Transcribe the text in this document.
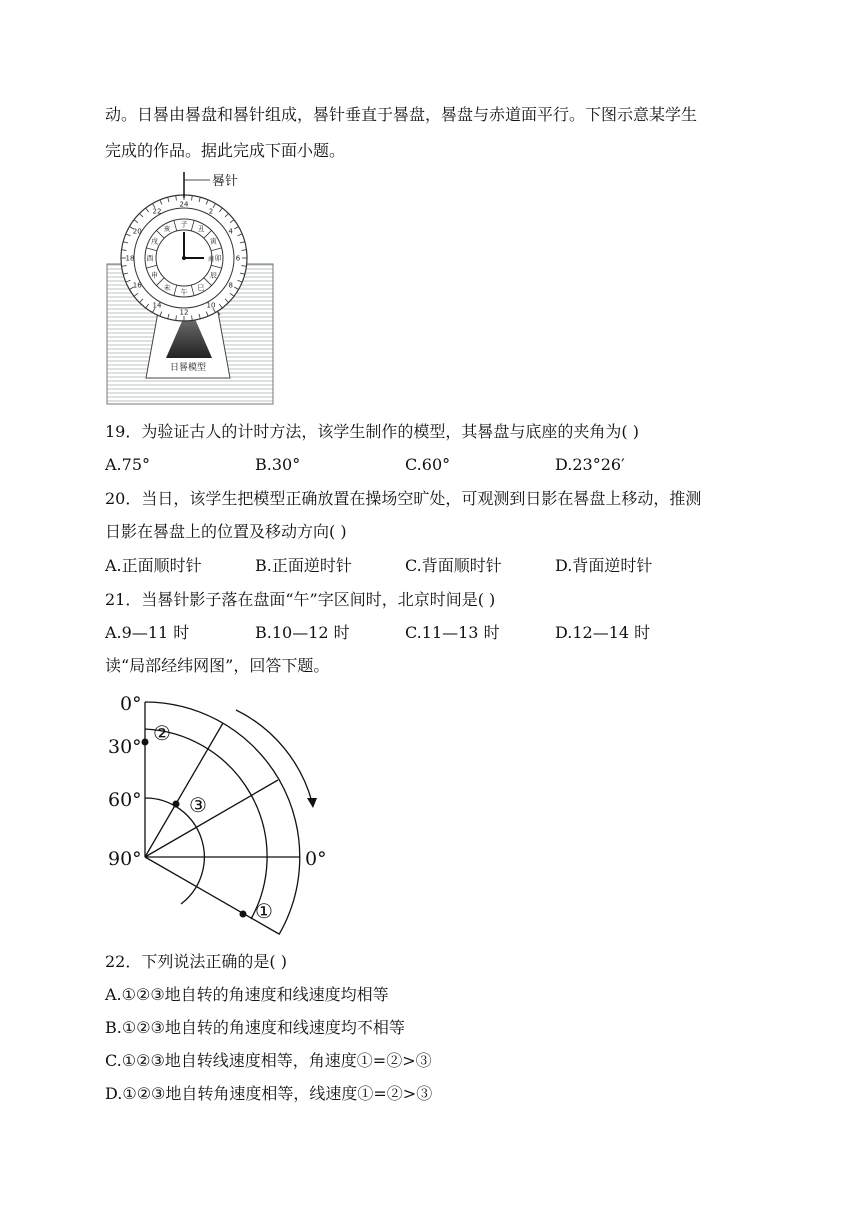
动。日晷由晷盘和晷针组成，晷针垂直于晷盘，晷盘与赤道面平行。下图示意某学生
完成的作品。据此完成下面小题。
24
2
4
6
8
10
12
14
16
18
20
22
子
丑
寅
卯
辰
巳
午
未
申
酉
戌
亥
晷针
南
日晷模型
19．为验证古人的计时方法，该学生制作的模型，其晷盘与底座的夹角为( )
A.75°	B.30°	C.60°	D.23°26′
20．当日，该学生把模型正确放置在操场空旷处，可观测到日影在晷盘上移动，推测
日影在晷盘上的位置及移动方向( )
A.正面顺时针	B.正面逆时针	C.背面顺时针	D.背面逆时针
21．当晷针影子落在盘面“午”字区间时，北京时间是( )
A.9—11 时	B.10—12 时	C.11—13 时	D.12—14 时
读“局部经纬网图”，回答下题。
0°
30°
60°
90°	0°
②
③
①
22．下列说法正确的是( )
A.①②③地自转的角速度和线速度均相等
B.①②③地自转的角速度和线速度均不相等
C.①②③地自转线速度相等，角速度①=②>③
D.①②③地自转角速度相等，线速度①=②>③
